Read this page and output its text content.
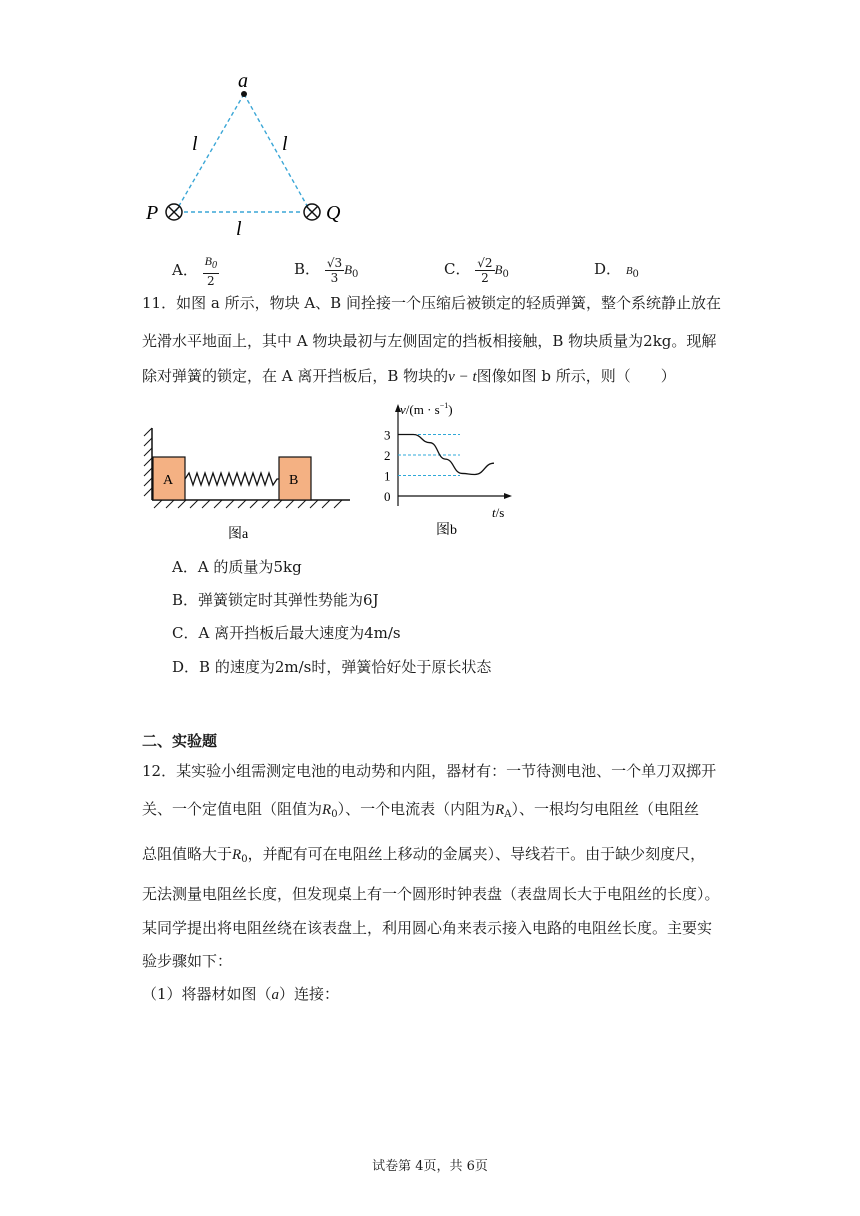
a
l	l
l
P	Q
A． $\frac{B_0}{2}$	B． $\frac{√3}{3} B_0$	C． $\frac{√2}{2} B_0$	D． $B_0$
11．如图 a 所示，物块 A、B 间拴接一个压缩后被锁定的轻质弹簧，整个系统静止放在
光滑水平地面上，其中 A 物块最初与左侧固定的挡板相接触，B 物块质量为2kg。现解
除对弹簧的锁定，在 A 离开挡板后，B 物块的v − t图像如图 b 所示，则（　　）
A	B
图a
$v/(m \cdot s^{-1})$
t/s
0
1
2
3
图b
A．A 的质量为5kg
B．弹簧锁定时其弹性势能为6J
C．A 离开挡板后最大速度为4m/s
D．B 的速度为2m/s时，弹簧恰好处于原长状态
二、实验题
12．某实验小组需测定电池的电动势和内阻，器材有：一节待测电池、一个单刀双掷开
关、一个定值电阻（阻值为$R_0$）、一个电流表（内阻为$R_A$）、一根均匀电阻丝（电阻丝
总阻值略大于$R_0$，并配有可在电阻丝上移动的金属夹）、导线若干。由于缺少刻度尺，
无法测量电阻丝长度，但发现桌上有一个圆形时钟表盘（表盘周长大于电阻丝的长度）。
某同学提出将电阻丝绕在该表盘上，利用圆心角来表示接入电路的电阻丝长度。主要实
验步骤如下：
（1）将器材如图（a）连接：
试卷第 4页，共 6页
